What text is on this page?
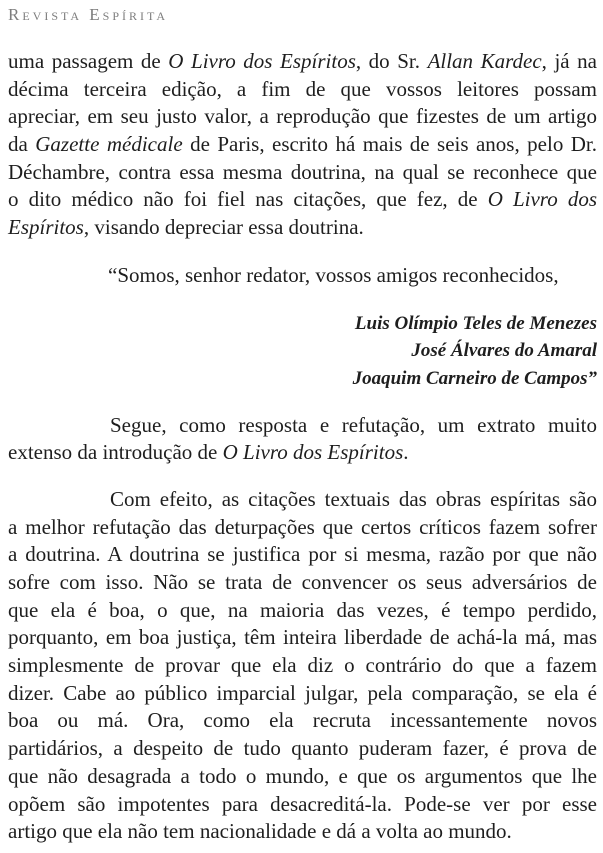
Revista Espírita
uma passagem de O Livro dos Espíritos, do Sr. Allan Kardec, já na
décima terceira edição, a fim de que vossos leitores possam
apreciar, em seu justo valor, a reprodução que fizestes de um artigo
da Gazette médicale de Paris, escrito há mais de seis anos, pelo Dr.
Déchambre, contra essa mesma doutrina, na qual se reconhece que
o dito médico não foi fiel nas citações, que fez, de O Livro dos
Espíritos, visando depreciar essa doutrina.
“Somos, senhor redator, vossos amigos reconhecidos,
Luis Olímpio Teles de Menezes
José Álvares do Amaral
Joaquim Carneiro de Campos”
Segue, como resposta e refutação, um extrato muito
extenso da introdução de O Livro dos Espíritos.
Com efeito, as citações textuais das obras espíritas são
a melhor refutação das deturpações que certos críticos fazem sofrer
a doutrina. A doutrina se justifica por si mesma, razão por que não
sofre com isso. Não se trata de convencer os seus adversários de
que ela é boa, o que, na maioria das vezes, é tempo perdido,
porquanto, em boa justiça, têm inteira liberdade de achá-la má, mas
simplesmente de provar que ela diz o contrário do que a fazem
dizer. Cabe ao público imparcial julgar, pela comparação, se ela é
boa ou má. Ora, como ela recruta incessantemente novos
partidários, a despeito de tudo quanto puderam fazer, é prova de
que não desagrada a todo o mundo, e que os argumentos que lhe
opõem são impotentes para desacreditá-la. Pode-se ver por esse
artigo que ela não tem nacionalidade e dá a volta ao mundo.
